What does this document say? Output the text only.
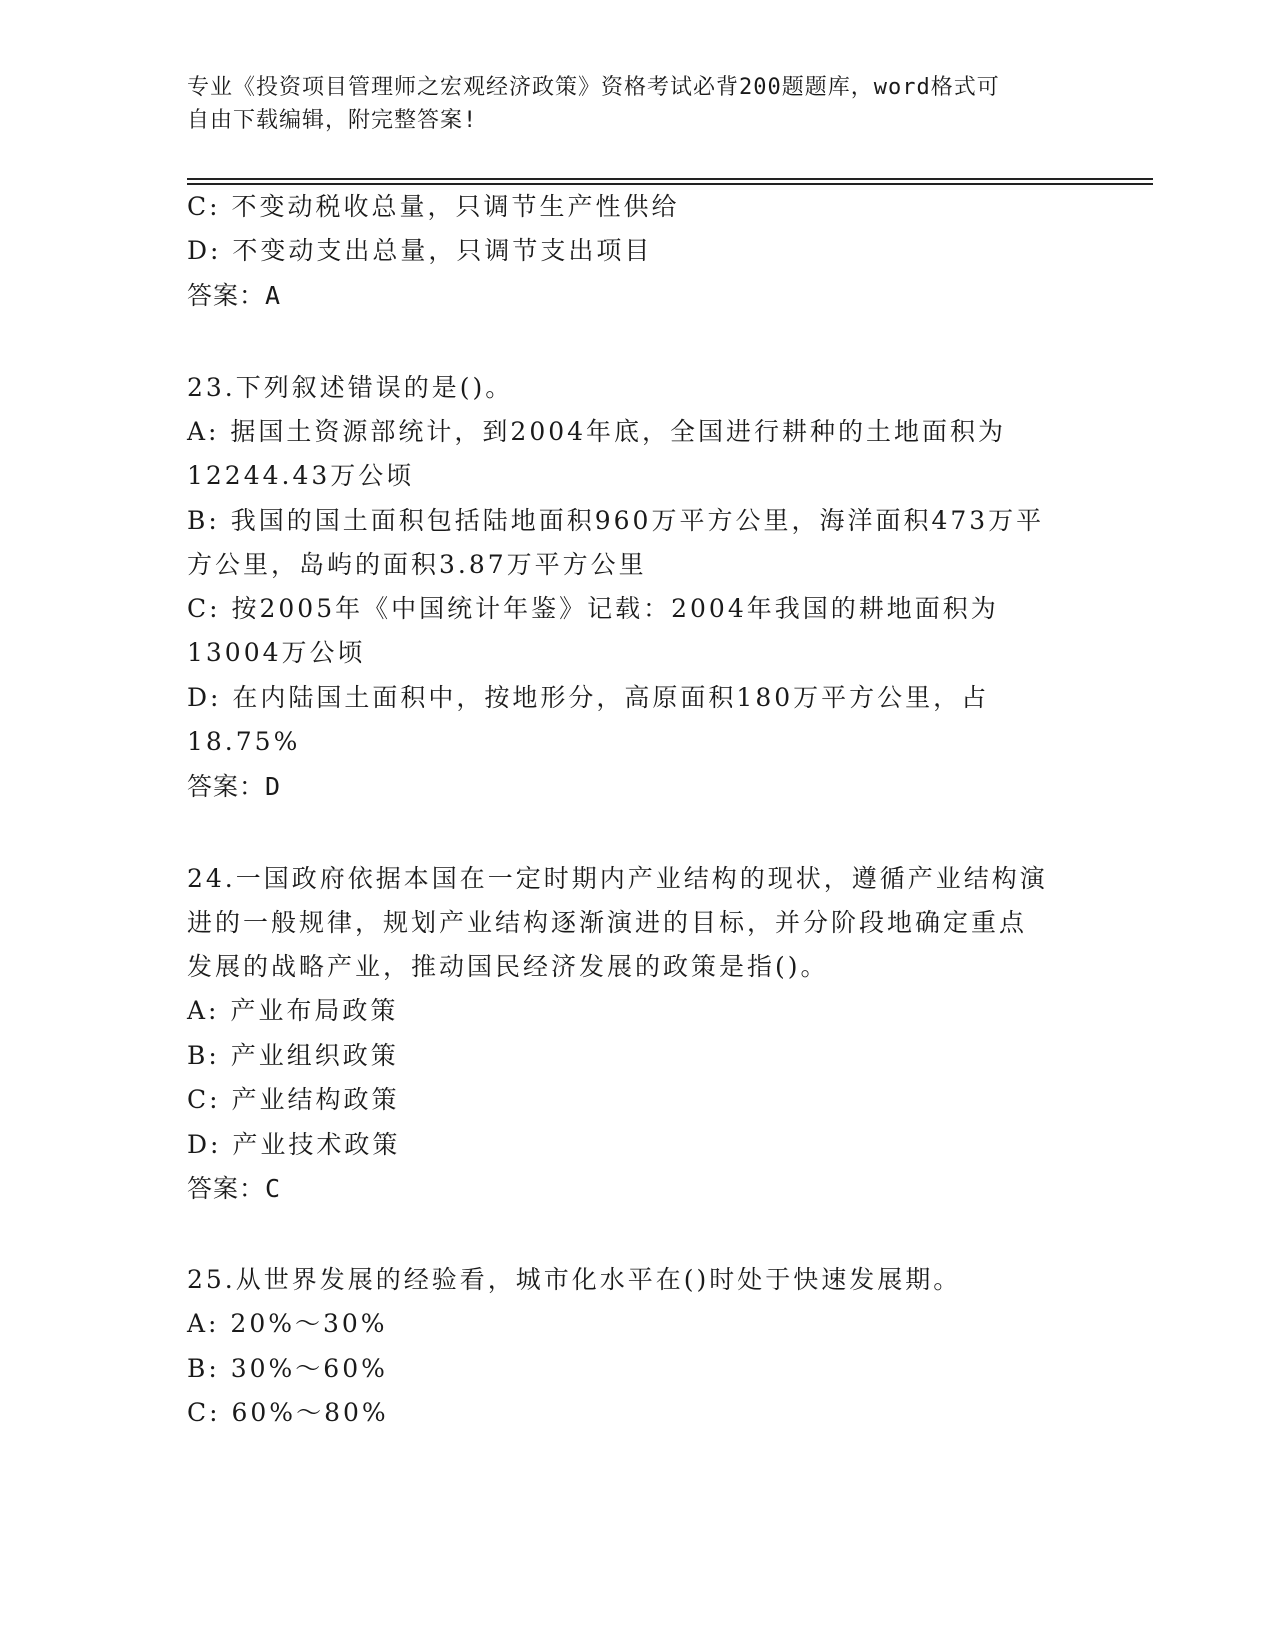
专业《投资项目管理师之宏观经济政策》资格考试必背200题题库，word格式可
自由下载编辑，附完整答案!
C: 不变动税收总量，只调节生产性供给
D: 不变动支出总量，只调节支出项目
答案：A
23.下列叙述错误的是()。
A: 据国土资源部统计，到2004年底，全国进行耕种的土地面积为
12244.43万公顷
B: 我国的国土面积包括陆地面积960万平方公里，海洋面积473万平
方公里，岛屿的面积3.87万平方公里
C: 按2005年《中国统计年鉴》记载：2004年我国的耕地面积为
13004万公顷
D: 在内陆国土面积中，按地形分，高原面积180万平方公里，占
18.75%
答案：D
24.一国政府依据本国在一定时期内产业结构的现状，遵循产业结构演
进的一般规律，规划产业结构逐渐演进的目标，并分阶段地确定重点
发展的战略产业，推动国民经济发展的政策是指()。
A: 产业布局政策
B: 产业组织政策
C: 产业结构政策
D: 产业技术政策
答案：C
25.从世界发展的经验看，城市化水平在()时处于快速发展期。
A: 20%～30%
B: 30%～60%
C: 60%～80%
